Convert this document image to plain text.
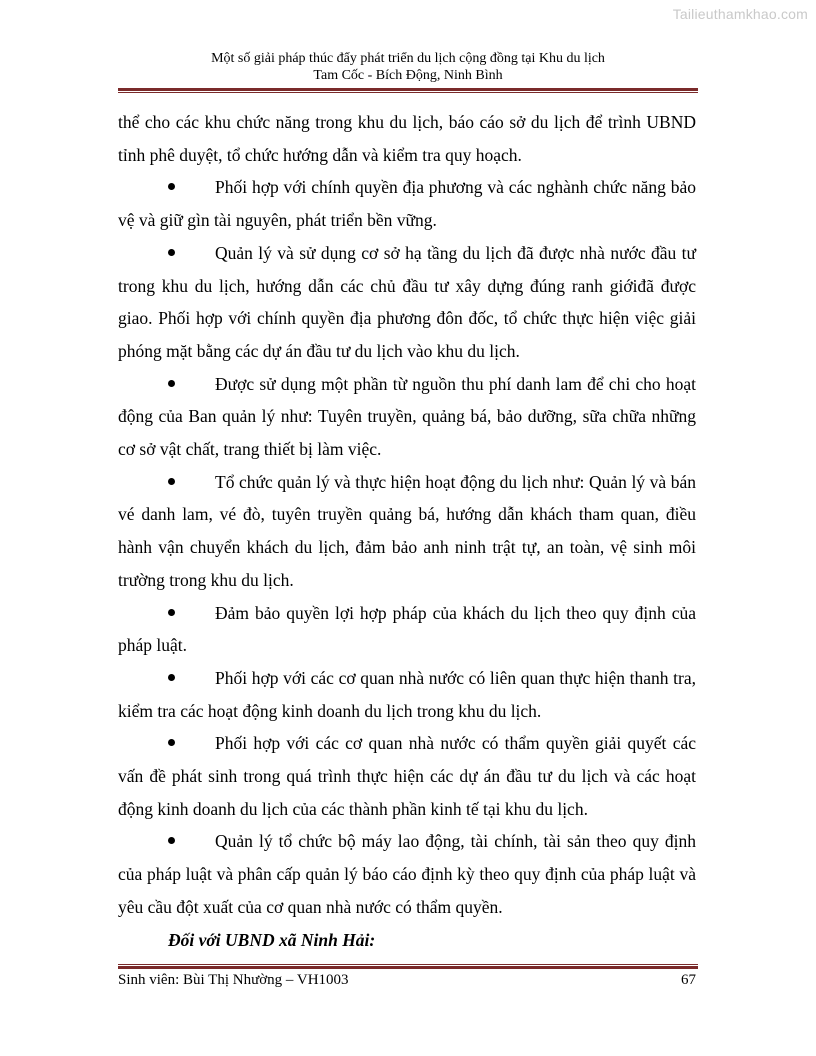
Tailieuthamkhao.com
Một số giải pháp thúc đẩy phát triển du lịch cộng đồng tại Khu du lịch
Tam Cốc - Bích Động, Ninh Bình

thể cho các khu chức năng trong khu du lịch, báo cáo sở du lịch để trình UBND tỉnh phê duyệt, tổ chức hướng dẫn và kiểm tra quy hoạch.

Phối hợp với chính quyền địa phương và các nghành chức năng bảo vệ và giữ gìn tài nguyên, phát triển bền vững.

Quản lý và sử dụng cơ sở hạ tầng du lịch đã được nhà nước đầu tư trong khu du lịch, hướng dẫn các chủ đầu tư xây dựng đúng ranh giớiđã được giao. Phối hợp với chính quyền địa phương đôn đốc, tổ chức thực hiện việc giải phóng mặt bằng các dự án đầu tư du lịch vào khu du lịch.

Được sử dụng một phần từ nguồn thu phí danh lam để chi cho hoạt động của Ban quản lý như: Tuyên truyền, quảng bá, bảo dưỡng, sữa chữa những cơ sở vật chất, trang thiết bị làm việc.

Tổ chức quản lý và thực hiện hoạt động du lịch như: Quản lý và bán vé danh lam, vé đò, tuyên truyền quảng bá, hướng dẫn khách tham quan, điều hành vận chuyển khách du lịch, đảm bảo anh ninh trật tự, an toàn, vệ sinh môi trường trong khu du lịch.

Đảm bảo quyền lợi hợp pháp của khách du lịch theo quy định của pháp luật.

Phối hợp với các cơ quan nhà nước có liên quan thực hiện thanh tra, kiểm tra các hoạt động kinh doanh du lịch trong khu du lịch.

Phối hợp với các cơ quan nhà nước có thẩm quyền giải quyết các vấn đề phát sinh trong quá trình thực hiện các dự án đầu tư du lịch và các hoạt động kinh doanh du lịch của các thành phần kinh tế tại khu du lịch.

Quản lý tổ chức bộ máy lao động, tài chính, tài sản theo quy định của pháp luật và phân cấp quản lý báo cáo định kỳ theo quy định của pháp luật và yêu cầu đột xuất của cơ quan nhà nước có thẩm quyền.

Đối với UBND xã Ninh Hải:

Sinh viên: Bùi Thị Nhường – VH1003	67
